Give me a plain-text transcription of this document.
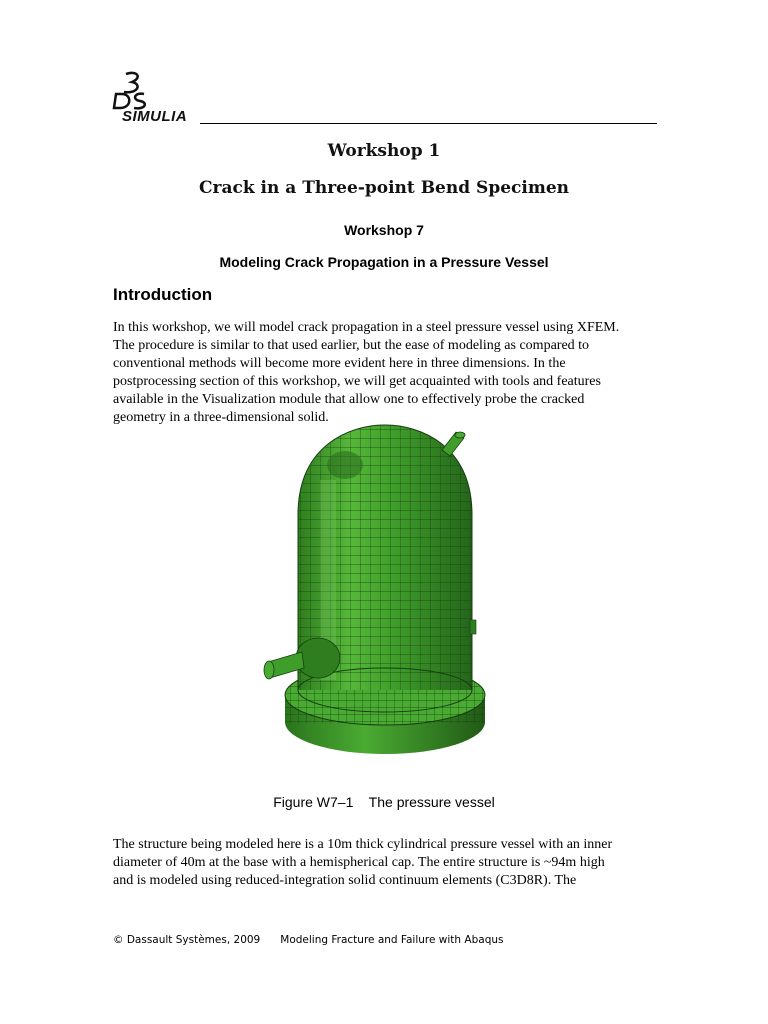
SIMULIA
Workshop 1
Crack in a Three-point Bend Specimen
Workshop 7
Modeling Crack Propagation in a Pressure Vessel
Introduction
In this workshop, we will model crack propagation in a steel pressure vessel using XFEM.
The procedure is similar to that used earlier, but the ease of modeling as compared to
conventional methods will become more evident here in three dimensions. In the
postprocessing section of this workshop, we will get acquainted with tools and features
available in the Visualization module that allow one to effectively probe the cracked
geometry in a three-dimensional solid.
Figure W7–1    The pressure vessel
The structure being modeled here is a 10m thick cylindrical pressure vessel with an inner
diameter of 40m at the base with a hemispherical cap. The entire structure is ~94m high
and is modeled using reduced-integration solid continuum elements (C3D8R). The
© Dassault Systèmes, 2009      Modeling Fracture and Failure with Abaqus
